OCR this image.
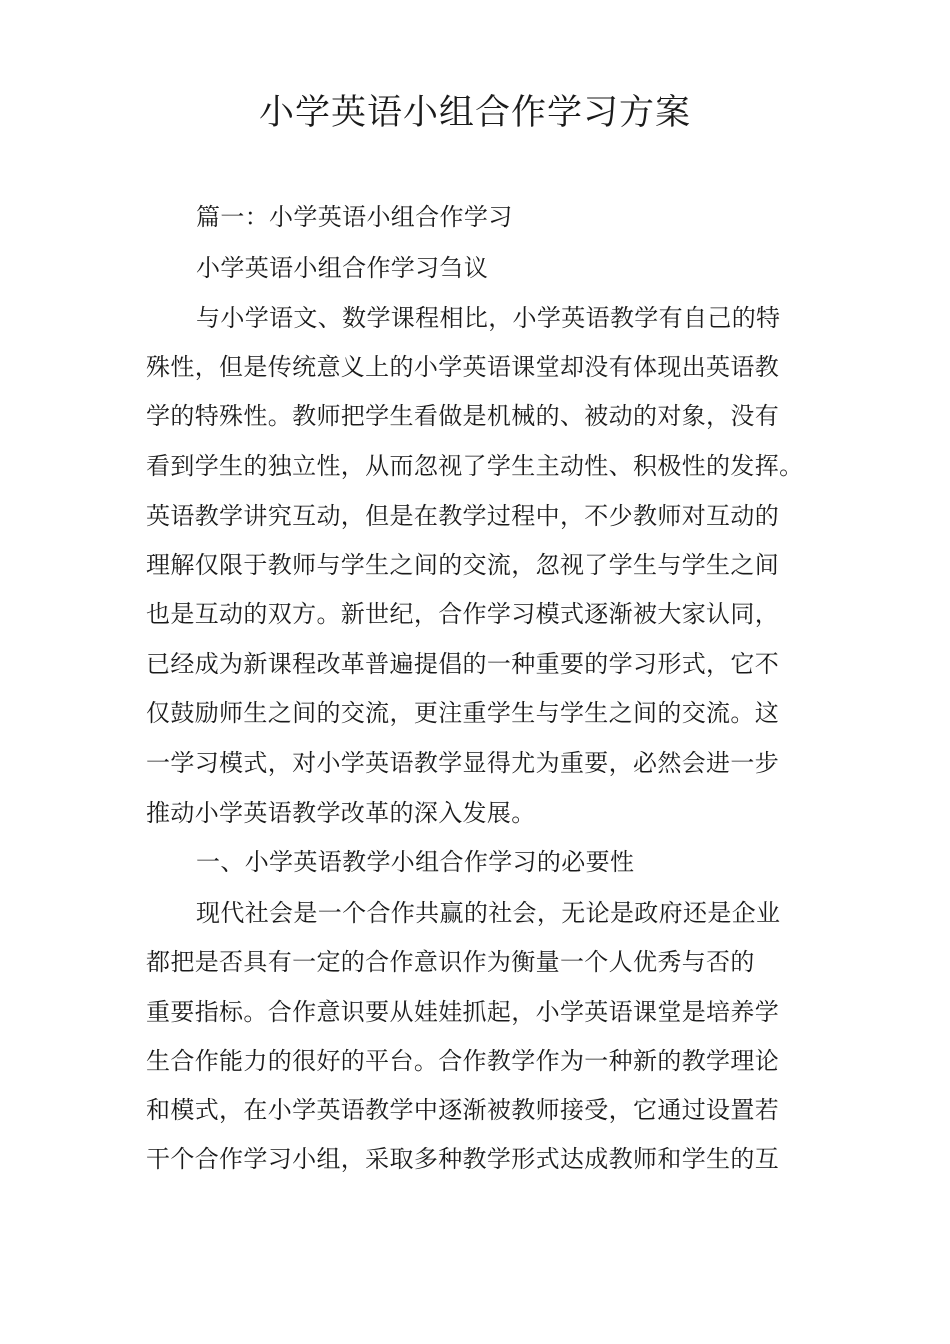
小学英语小组合作学习方案
篇一：小学英语小组合作学习
小学英语小组合作学习刍议
与小学语文、数学课程相比，小学英语教学有自己的特
殊性，但是传统意义上的小学英语课堂却没有体现出英语教
学的特殊性。教师把学生看做是机械的、被动的对象，没有
看到学生的独立性，从而忽视了学生主动性、积极性的发挥。
英语教学讲究互动，但是在教学过程中，不少教师对互动的
理解仅限于教师与学生之间的交流，忽视了学生与学生之间
也是互动的双方。新世纪，合作学习模式逐渐被大家认同，
已经成为新课程改革普遍提倡的一种重要的学习形式，它不
仅鼓励师生之间的交流，更注重学生与学生之间的交流。这
一学习模式，对小学英语教学显得尤为重要，必然会进一步
推动小学英语教学改革的深入发展。
一、小学英语教学小组合作学习的必要性
现代社会是一个合作共赢的社会，无论是政府还是企业
都把是否具有一定的合作意识作为衡量一个人优秀与否的
重要指标。合作意识要从娃娃抓起，小学英语课堂是培养学
生合作能力的很好的平台。合作教学作为一种新的教学理论
和模式，在小学英语教学中逐渐被教师接受，它通过设置若
干个合作学习小组，采取多种教学形式达成教师和学生的互
